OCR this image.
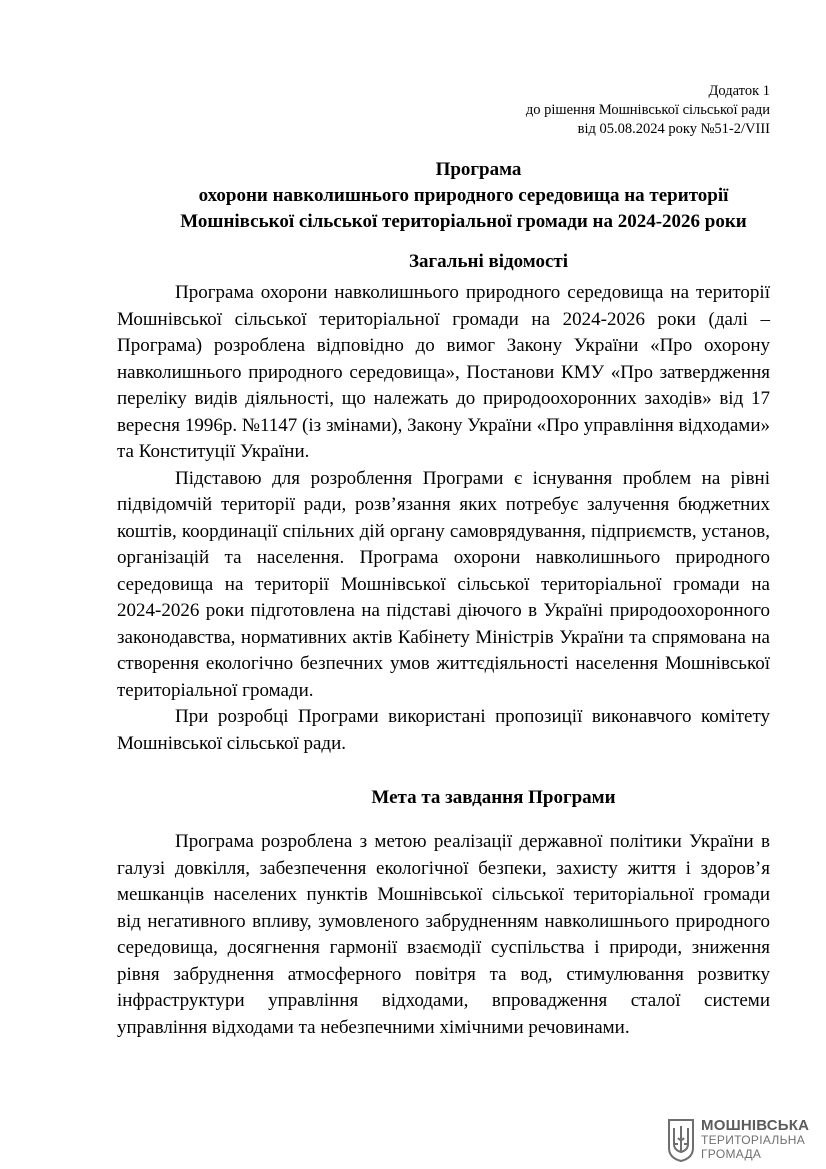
Додаток 1
до рішення Мошнівської сільської ради
від 05.08.2024 року №51-2/VIII
Програма
охорони навколишнього природного середовища на території
Мошнівської сільської територіальної громади на 2024-2026 роки
Загальні відомості

Програма охорони навколишнього природного середовища на території Мошнівської сільської територіальної громади на 2024-2026 роки (далі – Програма) розроблена відповідно до вимог Закону України «Про охорону навколишнього природного середовища», Постанови КМУ «Про затвердження переліку видів діяльності, що належать до природоохоронних заходів» від 17 вересня 1996р. №1147 (із змінами), Закону України «Про управління відходами» та Конституції України.

Підставою для розроблення Програми є існування проблем на рівні підвідомчій території ради, розв’язання яких потребує залучення бюджетних коштів, координації спільних дій органу самоврядування, підприємств, установ, організацій та населення. Програма охорони навколишнього природного середовища на території Мошнівської сільської територіальної громади на 2024-2026 роки підготовлена на підставі діючого в Україні природоохоронного законодавства, нормативних актів Кабінету Міністрів України та спрямована на створення екологічно безпечних умов життєдіяльності населення Мошнівської територіальної громади.

При розробці Програми використані пропозиції виконавчого комітету Мошнівської сільської ради.

Мета та завдання Програми

Програма розроблена з метою реалізації державної політики України в галузі довкілля, забезпечення екологічної безпеки, захисту життя і здоров’я мешканців населених пунктів Мошнівської сільської територіальної громади від негативного впливу, зумовленого забрудненням навколишнього природного середовища, досягнення гармонії взаємодії суспільства і природи, зниження рівня забруднення атмосферного повітря та вод, стимулювання розвитку інфраструктури управління відходами, впровадження сталої системи управління відходами та небезпечними хімічними речовинами.

МОШНІВСЬКА
ТЕРИТОРІАЛЬНА
ГРОМАДА
